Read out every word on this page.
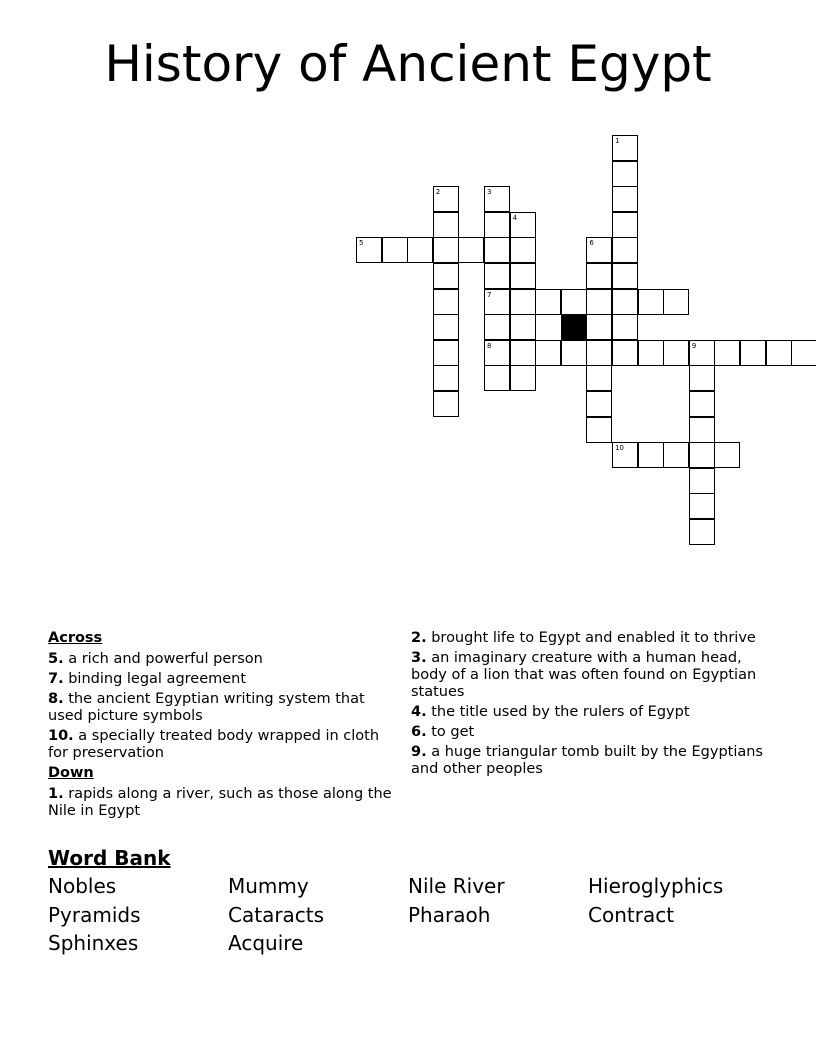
History of Ancient Egypt
1
2	3
7
8
4
5	6
9
10
Across
5. a rich and powerful person
7. binding legal agreement
8. the ancient Egyptian writing system that used picture symbols
10. a specially treated body wrapped in cloth for preservation
Down
1. rapids along a river, such as those along the Nile in Egypt
2. brought life to Egypt and enabled it to thrive
3. an imaginary creature with a human head, body of a lion that was often found on Egyptian statues
4. the title used by the rulers of Egypt
6. to get
9. a huge triangular tomb built by the Egyptians and other peoples
Word Bank
Nobles	Mummy	Nile River	Hieroglyphics
Pyramids	Cataracts	Pharaoh	Contract
Sphinxes	Acquire
